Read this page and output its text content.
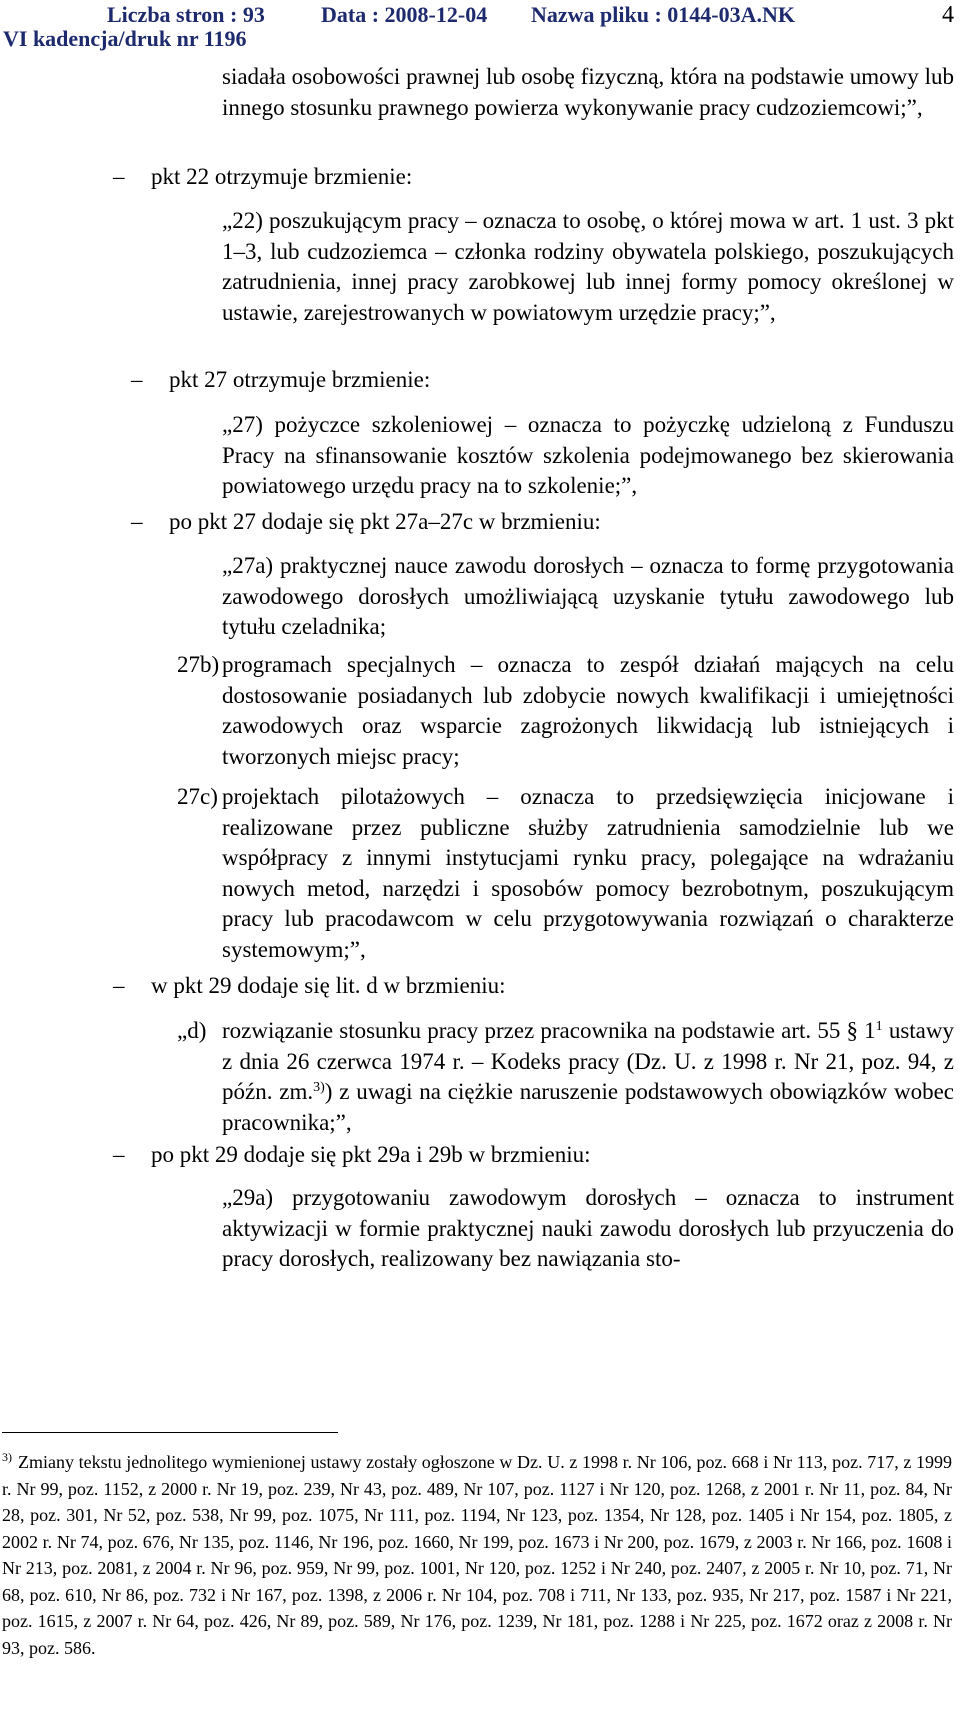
Liczba stron : 93	Data : 2008-12-04 Nazwa pliku : 0144-03A.NK
VI kadencja/druk nr 1196
4
siadała osobowości prawnej lub osobę fizyczną, która na podstawie umowy lub innego stosunku prawnego powierza wykonywanie pracy cudzoziemcowi;”,
– pkt 22 otrzymuje brzmienie:
„22) poszukującym pracy – oznacza to osobę, o której mowa w art. 1 ust. 3 pkt 1–3, lub cudzoziemca – członka rodziny obywatela polskiego, poszukujących zatrudnienia, innej pracy zarobkowej lub innej formy pomocy określonej w ustawie, zarejestrowanych w powiatowym urzędzie pracy;”,
– pkt 27 otrzymuje brzmienie:
„27) pożyczce szkoleniowej – oznacza to pożyczkę udzieloną z Funduszu Pracy na sfinansowanie kosztów szkolenia podejmowanego bez skierowania powiatowego urzędu pracy na to szkolenie;”,
– po pkt 27 dodaje się pkt 27a–27c w brzmieniu:
„27a) praktycznej nauce zawodu dorosłych – oznacza to formę przygotowania zawodowego dorosłych umożliwiającą uzyskanie tytułu zawodowego lub tytułu czeladnika;
27b) programach specjalnych – oznacza to zespół działań mających na celu dostosowanie posiadanych lub zdobycie nowych kwalifikacji i umiejętności zawodowych oraz wsparcie zagrożonych likwidacją lub istniejących i tworzonych miejsc pracy;
27c) projektach pilotażowych – oznacza to przedsięwzięcia inicjowane i realizowane przez publiczne służby zatrudnienia samodzielnie lub we współpracy z innymi instytucjami rynku pracy, polegające na wdrażaniu nowych metod, narzędzi i sposobów pomocy bezrobotnym, poszukującym pracy lub pracodawcom w celu przygotowywania rozwiązań o charakterze systemowym;”,
– w pkt 29 dodaje się lit. d w brzmieniu:
„d) rozwiązanie stosunku pracy przez pracownika na podstawie art. 55 § $1^1$ ustawy z dnia 26 czerwca 1974 r. – Kodeks pracy (Dz. U. z 1998 r. Nr 21, poz. 94, z późn. zm.$^{3)}$) z uwagi na ciężkie naruszenie podstawowych obowiązków wobec pracownika;”,
– po pkt 29 dodaje się pkt 29a i 29b w brzmieniu:
„29a) przygotowaniu zawodowym dorosłych – oznacza to instrument aktywizacji w formie praktycznej nauki zawodu dorosłych lub przyuczenia do pracy dorosłych, realizowany bez nawiązania sto-
$^{3)}$ Zmiany tekstu jednolitego wymienionej ustawy zostały ogłoszone w Dz. U. z 1998 r. Nr 106, poz. 668 i Nr 113, poz. 717, z 1999 r. Nr 99, poz. 1152, z 2000 r. Nr 19, poz. 239, Nr 43, poz. 489, Nr 107, poz. 1127 i Nr 120, poz. 1268, z 2001 r. Nr 11, poz. 84, Nr 28, poz. 301, Nr 52, poz. 538, Nr 99, poz. 1075, Nr 111, poz. 1194, Nr 123, poz. 1354, Nr 128, poz. 1405 i Nr 154, poz. 1805, z 2002 r. Nr 74, poz. 676, Nr 135, poz. 1146, Nr 196, poz. 1660, Nr 199, poz. 1673 i Nr 200, poz. 1679, z 2003 r. Nr 166, poz. 1608 i Nr 213, poz. 2081, z 2004 r. Nr 96, poz. 959, Nr 99, poz. 1001, Nr 120, poz. 1252 i Nr 240, poz. 2407, z 2005 r. Nr 10, poz. 71, Nr 68, poz. 610, Nr 86, poz. 732 i Nr 167, poz. 1398, z 2006 r. Nr 104, poz. 708 i 711, Nr 133, poz. 935, Nr 217, poz. 1587 i Nr 221, poz. 1615, z 2007 r. Nr 64, poz. 426, Nr 89, poz. 589, Nr 176, poz. 1239, Nr 181, poz. 1288 i Nr 225, poz. 1672 oraz z 2008 r. Nr 93, poz. 586.
